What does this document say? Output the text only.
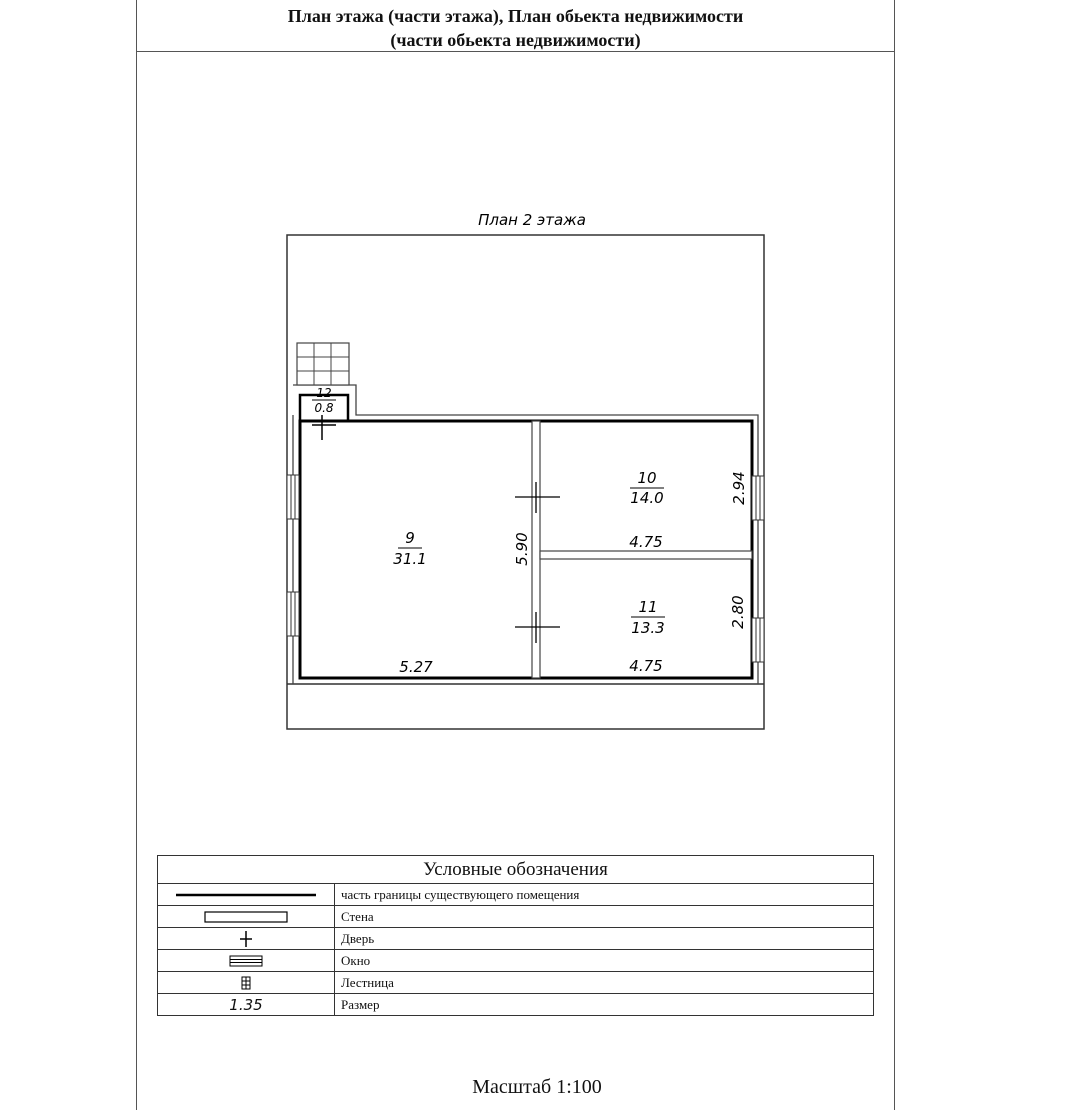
План этажа (части этажа), План обьекта недвижимости
(части обьекта недвижимости)
План 2 этажа
12
0.8
9
31.1
10
14.0
11
13.3
5.27
5.90	4.75
2.94
4.75
2.80
Условные обозначения
часть границы существующего помещения
Стена
Дверь
Окно
Лестница
1.35	Размер
Масштаб 1:100
